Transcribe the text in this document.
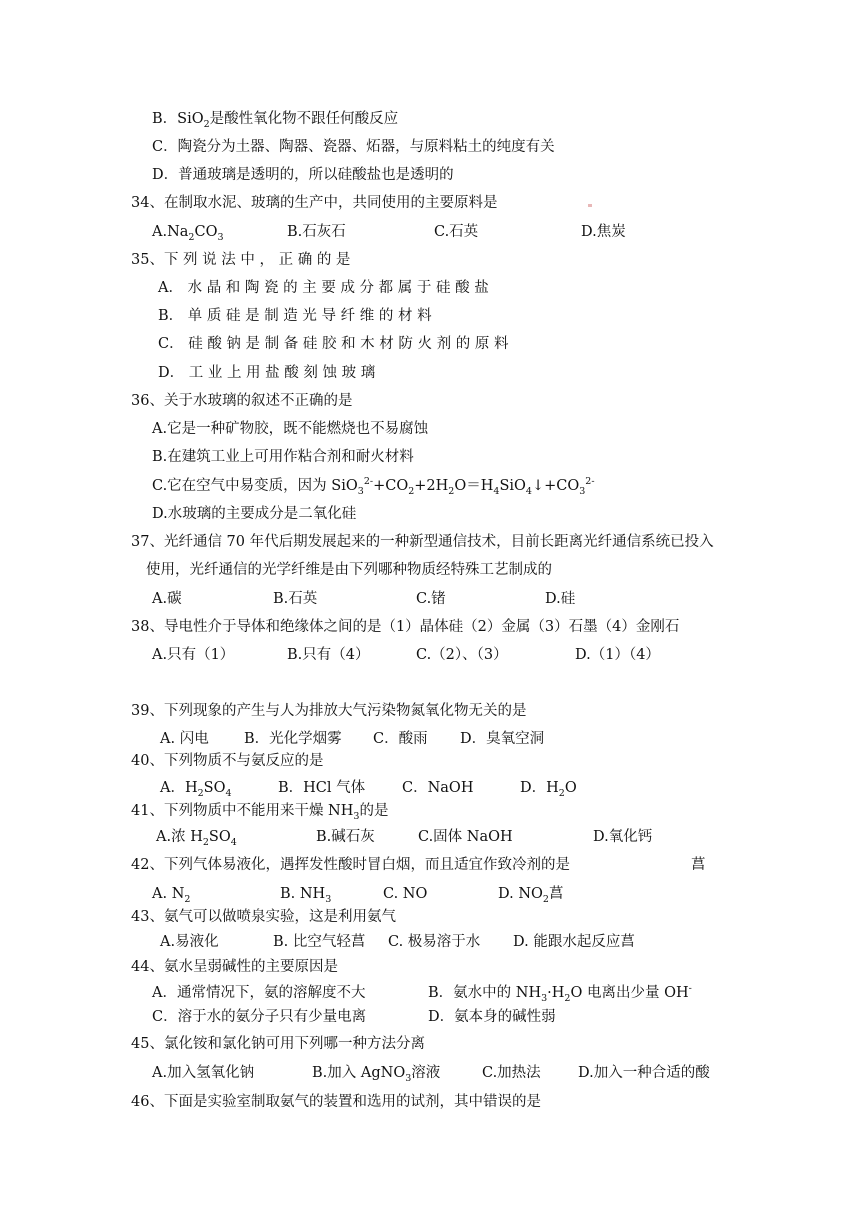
B．SiO$_2$是酸性氧化物不跟任何酸反应
C．陶瓷分为土器、陶器、瓷器、炻器，与原料粘土的纯度有关
D．普通玻璃是透明的，所以硅酸盐也是透明的
34、在制取水泥、玻璃的生产中，共同使用的主要原料是
$A.Na_2CO_3$	B.石灰石	C.石英	D.焦炭
35、下 列 说 法 中 ， 正 确 的 是
A． 水 晶 和 陶 瓷 的 主 要 成 分 都 属 于 硅 酸 盐
B． 单 质 硅 是 制 造 光 导 纤 维 的 材 料
C． 硅 酸 钠 是 制 备 硅 胶 和 木 材 防 火 剂 的 原 料
D． 工 业 上 用 盐 酸 刻 蚀 玻 璃
36、关于水玻璃的叙述不正确的是
A.它是一种矿物胶，既不能燃烧也不易腐蚀
B.在建筑工业上可用作粘合剂和耐火材料
C.它在空气中易变质，因为 $SiO_3^{2-}+CO_2+2H_2O=H_4SiO_4↓+CO_3^{2-}$
D.水玻璃的主要成分是二氧化硅
37、光纤通信 70 年代后期发展起来的一种新型通信技术，目前长距离光纤通信系统已投入
使用，光纤通信的光学纤维是由下列哪种物质经特殊工艺制成的
A.碳	B.石英	C.锗	D.硅
38、导电性介于导体和绝缘体之间的是（1）晶体硅（2）金属（3）石墨（4）金刚石
A.只有（1）	B.只有（4）	C.（2）、（3）	D.（1）（4）
39、下列现象的产生与人为排放大气污染物氮氧化物无关的是
A. 闪电 B．光化学烟雾 C．酸雨 D．臭氧空洞
40、下列物质不与氨反应的是
A．$H_2SO_4$	B．HCl 气体	C．NaOH	D．$H_2O$
41、下列物质中不能用来干燥 $NH_3$的是
A.浓 $H_2SO_4$	B.碱石灰	C.固体 NaOH	D.氧化钙
42、下列气体易液化，遇挥发性酸时冒白烟，而且适宜作致冷剂的是	菖
A. $N_2$	B. $NH_3$	C. NO	D. $NO_2$菖
43、氨气可以做喷泉实验，这是利用氨气
A.易液化	B. 比空气轻菖 C. 极易溶于水 D. 能跟水起反应菖
44、氨水呈弱碱性的主要原因是
A．通常情况下，氨的溶解度不大	B．氨水中的 $NH_3\cdot H_2O$ 电离出少量 OH-
C．溶于水的氨分子只有少量电离	D．氨本身的碱性弱
45、氯化铵和氯化钠可用下列哪一种方法分离
A.加入氢氧化钠	B.加入 AgNO$_3$溶液	C.加热法	D.加入一种合适的酸
46、下面是实验室制取氨气的装置和选用的试剂，其中错误的是
